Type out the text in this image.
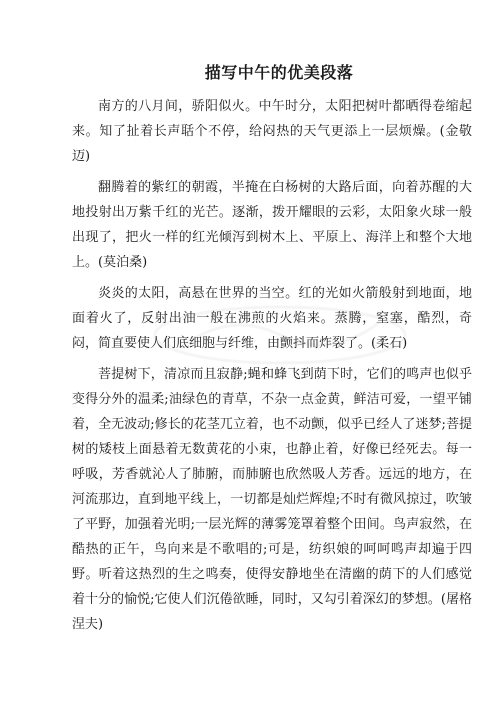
描写中午的优美段落

南方的八月间，骄阳似火。中午时分，太阳把树叶都晒得卷缩起来。知了扯着长声聒个不停，给闷热的天气更添上一层烦燥。(金敬迈)

翻腾着的紫红的朝霞，半掩在白杨树的大路后面，向着苏醒的大地投射出万紫千红的光芒。逐渐，拨开耀眼的云彩，太阳象火球一般出现了，把火一样的红光倾泻到树木上、平原上、海洋上和整个大地上。(莫泊桑)

炎炎的太阳，高悬在世界的当空。红的光如火箭般射到地面，地面着火了，反射出油一般在沸煎的火焰来。蒸腾，窒塞，酷烈，奇闷，简直要使人们底细胞与纤维，由颤抖而炸裂了。(柔石)

菩提树下，清凉而且寂静;蝇和蜂飞到荫下时，它们的鸣声也似乎变得分外的温柔;油绿色的青草，不杂一点金黄，鲜洁可爱，一望平铺着，全无波动;修长的花茎兀立着，也不动颤，似乎已经人了迷梦;菩提树的矮枝上面悬着无数黄花的小束，也静止着，好像已经死去。每一呼吸，芳香就沁人了肺腑，而肺腑也欣然吸人芳香。远远的地方，在河流那边，直到地平线上，一切都是灿烂辉煌;不时有微风掠过，吹皱了平野，加强着光明;一层光辉的薄雾笼罩着整个田间。鸟声寂然，在酷热的正午，鸟向来是不歌唱的;可是，纺织娘的呵呵鸣声却遍于四野。听着这热烈的生之鸣奏，使得安静地坐在清幽的荫下的人们感觉着十分的愉悦;它使人们沉倦欲睡，同时，又勾引着深幻的梦想。(屠格涅夫)
